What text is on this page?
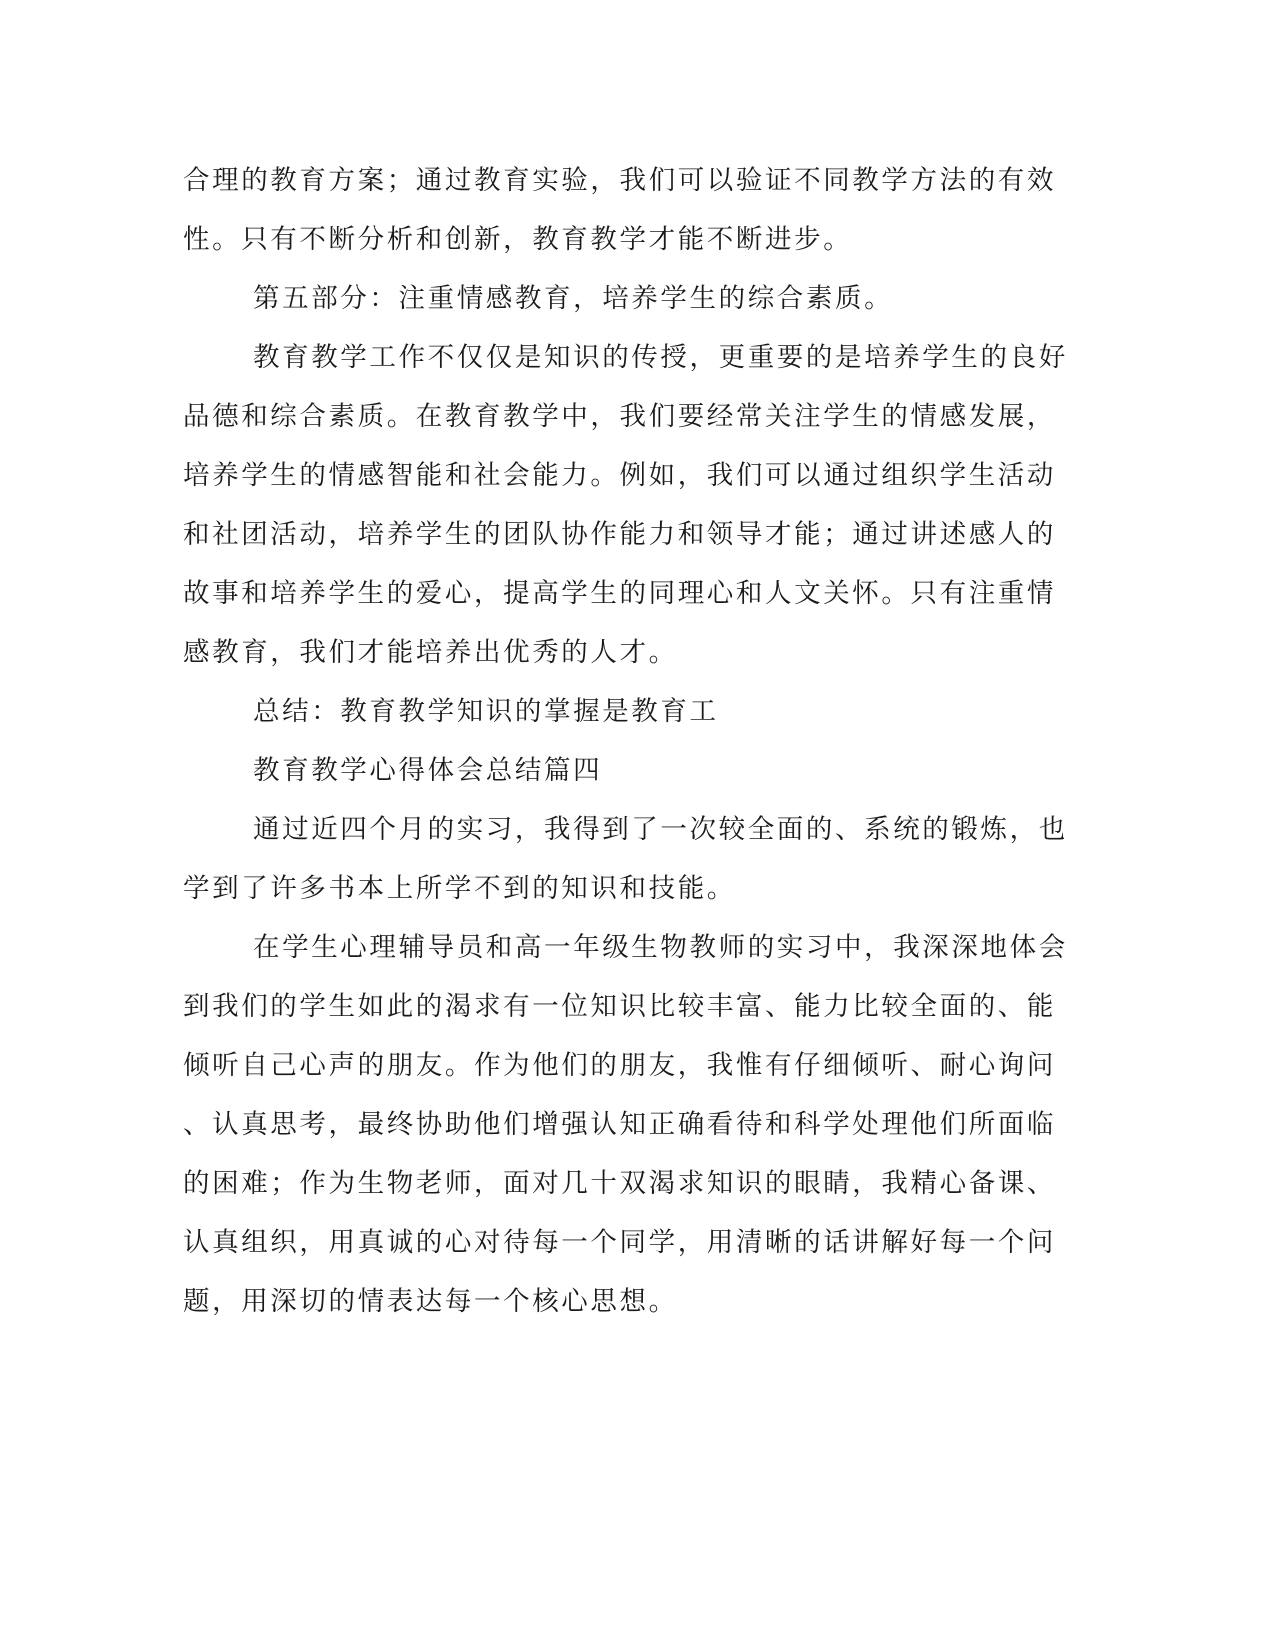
合理的教育方案；通过教育实验，我们可以验证不同教学方法的有效
性。只有不断分析和创新，教育教学才能不断进步。
第五部分：注重情感教育，培养学生的综合素质。
教育教学工作不仅仅是知识的传授，更重要的是培养学生的良好
品德和综合素质。在教育教学中，我们要经常关注学生的情感发展，
培养学生的情感智能和社会能力。例如，我们可以通过组织学生活动
和社团活动，培养学生的团队协作能力和领导才能；通过讲述感人的
故事和培养学生的爱心，提高学生的同理心和人文关怀。只有注重情
感教育，我们才能培养出优秀的人才。
总结：教育教学知识的掌握是教育工
教育教学心得体会总结篇四
通过近四个月的实习，我得到了一次较全面的、系统的锻炼，也
学到了许多书本上所学不到的知识和技能。
在学生心理辅导员和高一年级生物教师的实习中，我深深地体会
到我们的学生如此的渴求有一位知识比较丰富、能力比较全面的、能
倾听自己心声的朋友。作为他们的朋友，我惟有仔细倾听、耐心询问
、认真思考，最终协助他们增强认知正确看待和科学处理他们所面临
的困难；作为生物老师，面对几十双渴求知识的眼睛，我精心备课、
认真组织，用真诚的心对待每一个同学，用清晰的话讲解好每一个问
题，用深切的情表达每一个核心思想。
